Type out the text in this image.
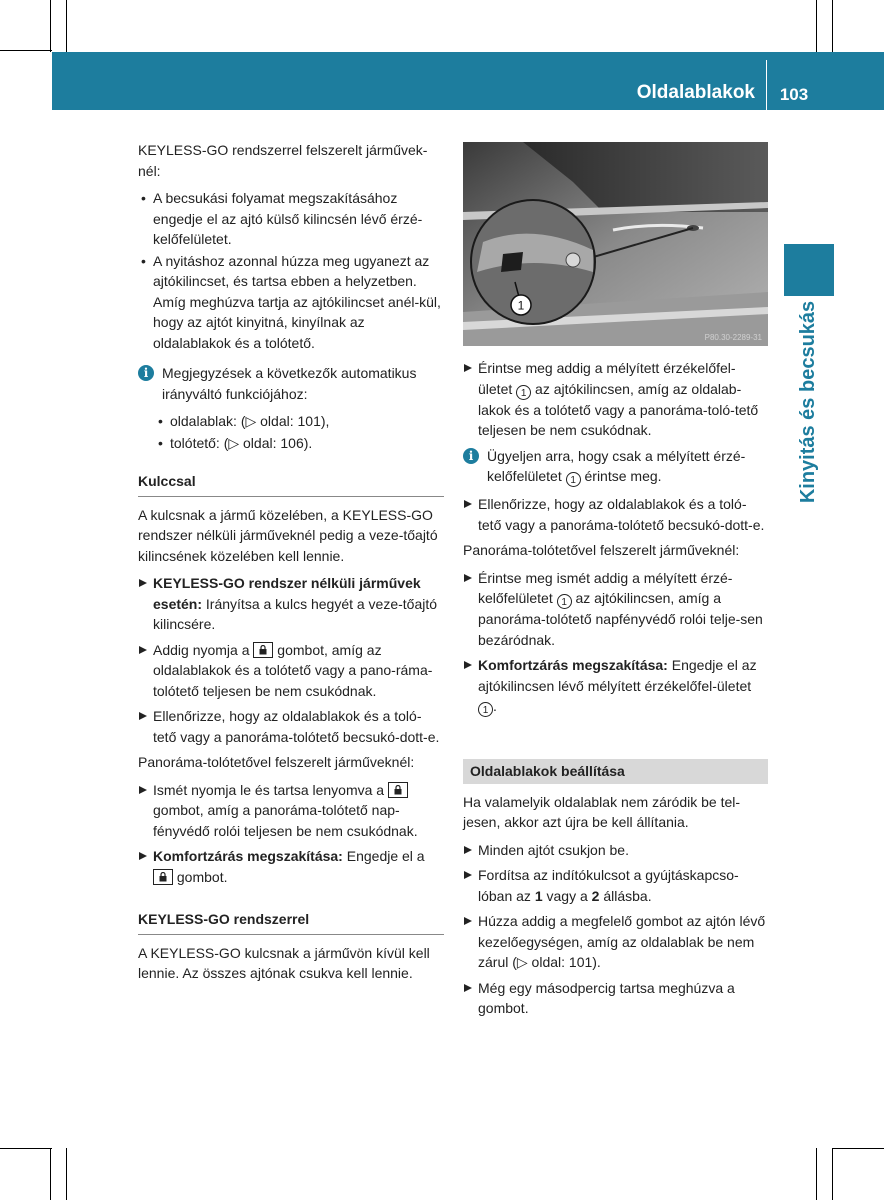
Oldalablakok	103
Kinyitás és becsukás

KEYLESS-GO rendszerrel felszerelt járművek-nél:

• A becsukási folyamat megszakításához engedje el az ajtó külső kilincsén lévő érzé-kelőfelületet.
• A nyitáshoz azonnal húzza meg ugyanezt az ajtókilincset, és tartsa ebben a helyzetben. Amíg meghúzva tartja az ajtókilincset anél-kül, hogy az ajtót kinyitná, kinyílnak az oldalablakok és a tolótető.
i Megjegyzések a következők automatikus irányváltó funkciójához:
• oldalablak: (▷ oldal: 101),
• tolótető: (▷ oldal: 106).
Kulccsal

A kulcsnak a jármű közelében, a KEYLESS-GO rendszer nélküli járműveknél pedig a veze-tőajtó kilincsének közelében kell lennie.

KEYLESS-GO rendszer nélküli járművek esetén: Irányítsa a kulcs hegyét a veze-tőajtó kilincsére.
Addig nyomja a
gombot, amíg az oldalablakok és a tolótető vagy a pano-ráma-tolótető teljesen be nem csukódnak.
Ellenőrizze, hogy az oldalablakok és a toló-tető vagy a panoráma-tolótető becsukó-dott-e.

Panoráma-tolótetővel felszerelt járműveknél:

Ismét nyomja le és tartsa lenyomva a
gombot, amíg a panoráma-tolótető nap-fényvédő rolói teljesen be nem csukódnak.
Komfortzárás megszakítása: Engedje el a
gombot.
KEYLESS-GO rendszerrel

A KEYLESS-GO kulcsnak a járművön kívül kell lennie. Az összes ajtónak csukva kell lennie.

1
P80.30-2289-31
Érintse meg addig a mélyített érzékelőfel-ületet 1 az ajtókilincsen, amíg az oldalab-lakok és a tolótető vagy a panoráma-toló-tető teljesen be nem csukódnak.
i Ügyeljen arra, hogy csak a mélyített érzé-kelőfelületet 1 érintse meg.
Ellenőrizze, hogy az oldalablakok és a toló-tető vagy a panoráma-tolótető becsukó-dott-e.

Panoráma-tolótetővel felszerelt járműveknél:

Érintse meg ismét addig a mélyített érzé-kelőfelületet 1 az ajtókilincsen, amíg a panoráma-tolótető napfényvédő rolói telje-sen bezáródnak.
Komfortzárás megszakítása: Engedje el az ajtókilincsen lévő mélyített érzékelőfel-ületet 1 .
Oldalablakok beállítása

Ha valamelyik oldalablak nem záródik be tel-jesen, akkor azt újra be kell állítania.

Minden ajtót csukjon be.
Fordítsa az indítókulcsot a gyújtáskapcso-lóban az 1 vagy a 2 állásba.
Húzza addig a megfelelő gombot az ajtón lévő kezelőegységen, amíg az oldalablak be nem zárul (▷ oldal: 101).
Még egy másodpercig tartsa meghúzva a gombot.
